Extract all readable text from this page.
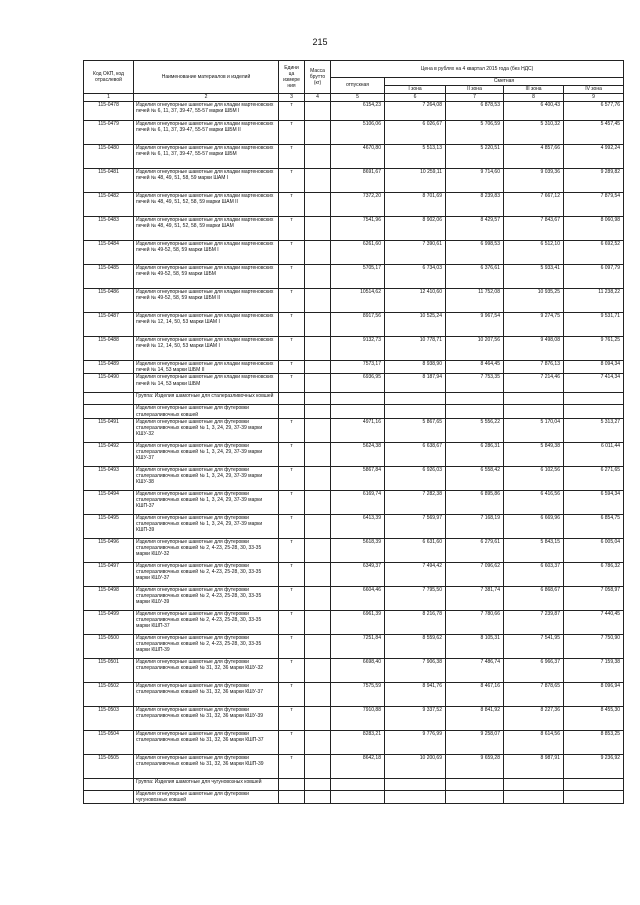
215
Код ОКП, код отраслевой	Наименование материалов и изделий	Едини ца измере ния	Масса брутто (кг)	Цена в рублях на 4 квартал 2015 года (без НДС)				
				отпускная	Сметная			
					I зона	II зона	III зона	IV зона
1	2	3	4	5	6	7	8	9
115-0478	Изделия огнеупорные шамотные для кладки мартеновских печей № 6, 11, 37, 39-47, 55-57 марки ШБМ I	т		6154,23	7 264,08	6 878,53	6 400,43	6 577,76
115-0479	Изделия огнеупорные шамотные для кладки мартеновских печей № 6, 11, 37, 39-47, 55-57 марки ШБМ II	т		5106,06	6 026,67	5 706,59	5 310,32	5 457,45
115-0480	Изделия огнеупорные шамотные для кладки мартеновских печей № 6, 11, 37, 39-47, 55-57 марки ШБМ	т		4670,80	5 513,13	5 220,51	4 857,66	4 992,24
115-0481	Изделия огнеупорные шамотные для кладки мартеновских печей № 48, 49, 51, 58, 59 марки ШАМ I	т		8691,67	10 259,11	9 714,60	9 039,36	9 289,82
115-0482	Изделия огнеупорные шамотные для кладки мартеновских печей № 48, 49, 51, 52, 58, 59 марки ШАМ II	т		7372,20	8 701,69	8 239,83	7 667,12	7 879,54
115-0483	Изделия огнеупорные шамотные для кладки мартеновских печей № 48, 49, 51, 52, 58, 59 марки ШАМ	т		7541,96	8 902,06	8 429,57	7 843,67	8 060,98
115-0484	Изделия огнеупорные шамотные для кладки мартеновских печей № 49-52, 58, 59 марки ШБМ I	т		6261,60	7 390,61	6 998,53	6 512,10	6 692,52
115-0485	Изделия огнеупорные шамотные для кладки мартеновских печей № 49-52, 58, 59 марки ШБМ	т		5705,17	6 734,03	6 376,61	5 933,41	6 097,79
115-0486	Изделия огнеупорные шамотные для кладки мартеновских печей № 49-52, 58, 59 марки ШБМ II	т		10514,62	12 410,60	11 752,08	10 935,25	11 238,22
115-0487	Изделия огнеупорные шамотные для кладки мартеновских печей № 12, 14, 50, 53 марки ШАМ I	т		8917,56	10 525,24	9 967,54	9 274,75	9 531,71
115-0488	Изделия огнеупорные шамотные для кладки мартеновских печей № 12, 14, 50, 53 марки ШАМ I	т		9132,73	10 778,71	10 207,56	9 498,08	9 761,25
115-0489	Изделия огнеупорные шамотные для кладки мартеновских печей № 14, 53 марки ШБМ II	т		7573,17	8 938,90	8 464,45	7 876,13	8 094,34
115-0490	Изделия огнеупорные шамотные для кладки мартеновских печей № 14, 53 марки ШБМ	т		6936,95	8 187,94	7 753,35	7 214,46	7 414,34
	Группа: Изделия шамотные для сталеразливочных ковшей							
	Изделия огнеупорные шамотные для футеровки сталеразливочных ковшей							
115-0491	Изделия огнеупорные шамотные для футеровки сталеразливочных ковшей № 1, 3, 24, 29, 37-39 марки КШУ-32	т		4971,16	5 867,65	5 556,22	5 170,04	5 313,27
115-0492	Изделия огнеупорные шамотные для футеровки сталеразливочных ковшей № 1, 3, 24, 29, 37-39 марки КШУ-37	т		5624,38	6 638,67	6 286,31	5 849,38	6 011,44
115-0493	Изделия огнеупорные шамотные для футеровки сталеразливочных ковшей № 1, 3, 24, 29, 37-39 марки КШУ-38	т		5867,84	6 926,03	6 558,42	6 102,56	6 271,65
115-0494	Изделия огнеупорные шамотные для футеровки сталеразливочных ковшей № 1, 3, 24, 29, 37-39 марки КШП-37	т		6169,74	7 282,38	6 895,86	6 416,56	6 594,34
115-0495	Изделия огнеупорные шамотные для футеровки сталеразливочных ковшей № 1, 3, 24, 29, 37-39 марки КШП-39	т		6413,39	7 569,97	7 168,19	6 669,96	6 854,75
115-0496	Изделия огнеупорные шамотные для футеровки сталеразливочных ковшей № 2, 4-23, 25-28, 30, 33-35 марки КШУ-32	т		5618,39	6 631,60	6 279,61	5 843,15	6 005,04
115-0497	Изделия огнеупорные шамотные для футеровки сталеразливочных ковшей № 2, 4-23, 25-28, 30, 33-35 марки КШУ-37	т		6349,37	7 494,42	7 096,62	6 603,37	6 786,32
115-0498	Изделия огнеупорные шамотные для футеровки сталеразливочных ковшей № 2, 4-23, 25-28, 30, 33-35 марки КШУ-39	т		6604,46	7 795,50	7 381,74	6 868,67	7 058,97
115-0499	Изделия огнеупорные шамотные для футеровки сталеразливочных ковшей № 2, 4-23, 25-28, 30, 33-35 марки КШП-37	т		6961,39	8 216,78	7 780,66	7 239,87	7 440,45
115-0500	Изделия огнеупорные шамотные для футеровки сталеразливочных ковшей № 2, 4-23, 25-28, 30, 33-35 марки КШП-39	т		7251,84	8 559,62	8 105,31	7 541,95	7 750,90
115-0501	Изделия огнеупорные шамотные для футеровки сталеразливочных ковшей № 31, 32, 36 марки КШУ-32	т		6698,40	7 906,38	7 486,74	6 966,37	7 159,38
115-0502	Изделия огнеупорные шамотные для футеровки сталеразливочных ковшей № 31, 32, 36 марки КШУ-37	т		7575,59	8 941,76	8 467,16	7 878,65	8 096,94
115-0503	Изделия огнеупорные шамотные для футеровки сталеразливочных ковшей № 31, 32, 36 марки КШУ-39	т		7910,88	9 337,52	8 841,92	8 227,36	8 455,30
115-0504	Изделия огнеупорные шамотные для футеровки сталеразливочных ковшей № 31, 32, 36 марки КШП-37	т		8283,21	9 776,99	9 258,07	8 614,56	8 853,25
115-0505	Изделия огнеупорные шамотные для футеровки сталеразливочных ковшей № 31, 32, 36 марки КШП-39	т		8642,18	10 200,69	9 659,28	8 987,91	9 236,92
	Группа: Изделия шамотные для чугуновозных ковшей							
	Изделия огнеупорные шамотные для футеровки чугуновозных ковшей							
